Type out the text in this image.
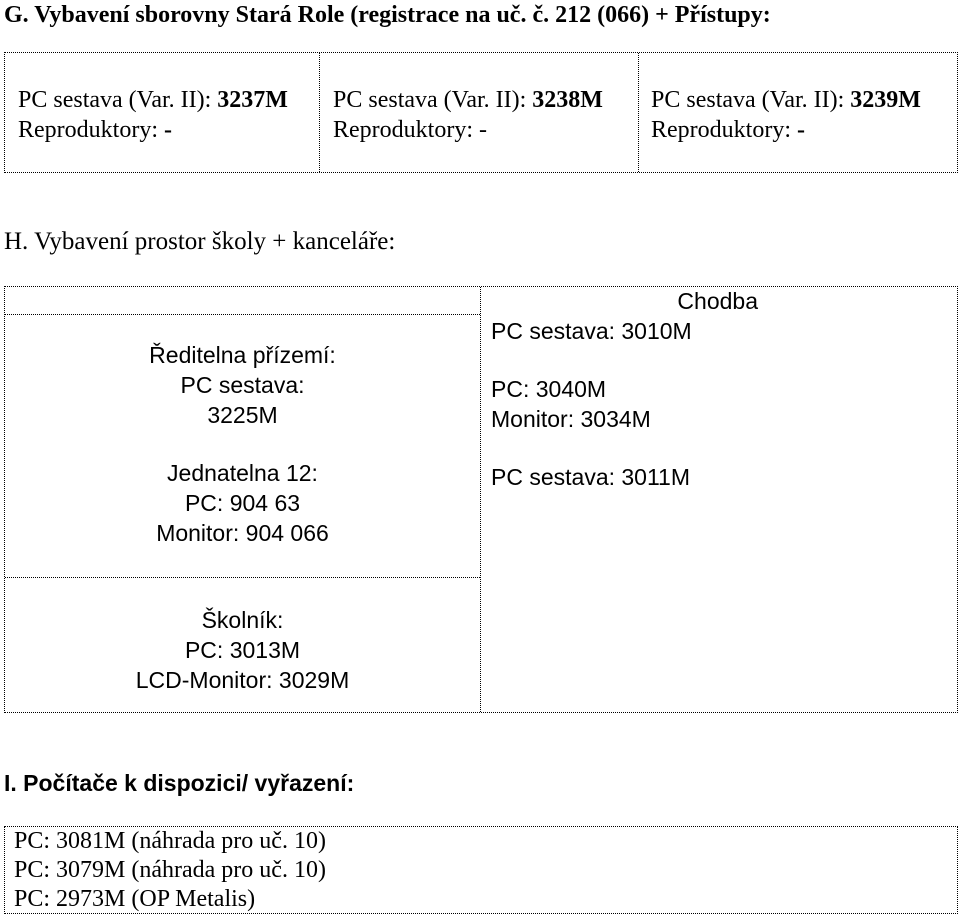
G. Vybavení sborovny Stará Role (registrace na uč. č. 212 (066) + Přístupy:
PC sestava (Var. II): 3237M
Reproduktory: -
PC sestava (Var. II): 3238M
Reproduktory: -
PC sestava (Var. II): 3239M
Reproduktory: -
H. Vybavení prostor školy + kanceláře:
Ředitelna přízemí:
PC sestava:
3225M
Jednatelna 12:
PC: 904 63
Monitor: 904 066
Chodba
PC sestava: 3010M
PC: 3040M
Monitor: 3034M
PC sestava: 3011M
Školník:
PC: 3013M
LCD-Monitor: 3029M
I. Počítače k dispozici/ vyřazení:
PC: 3081M (náhrada pro uč. 10)
PC: 3079M (náhrada pro uč. 10)
PC: 2973M (OP Metalis)
